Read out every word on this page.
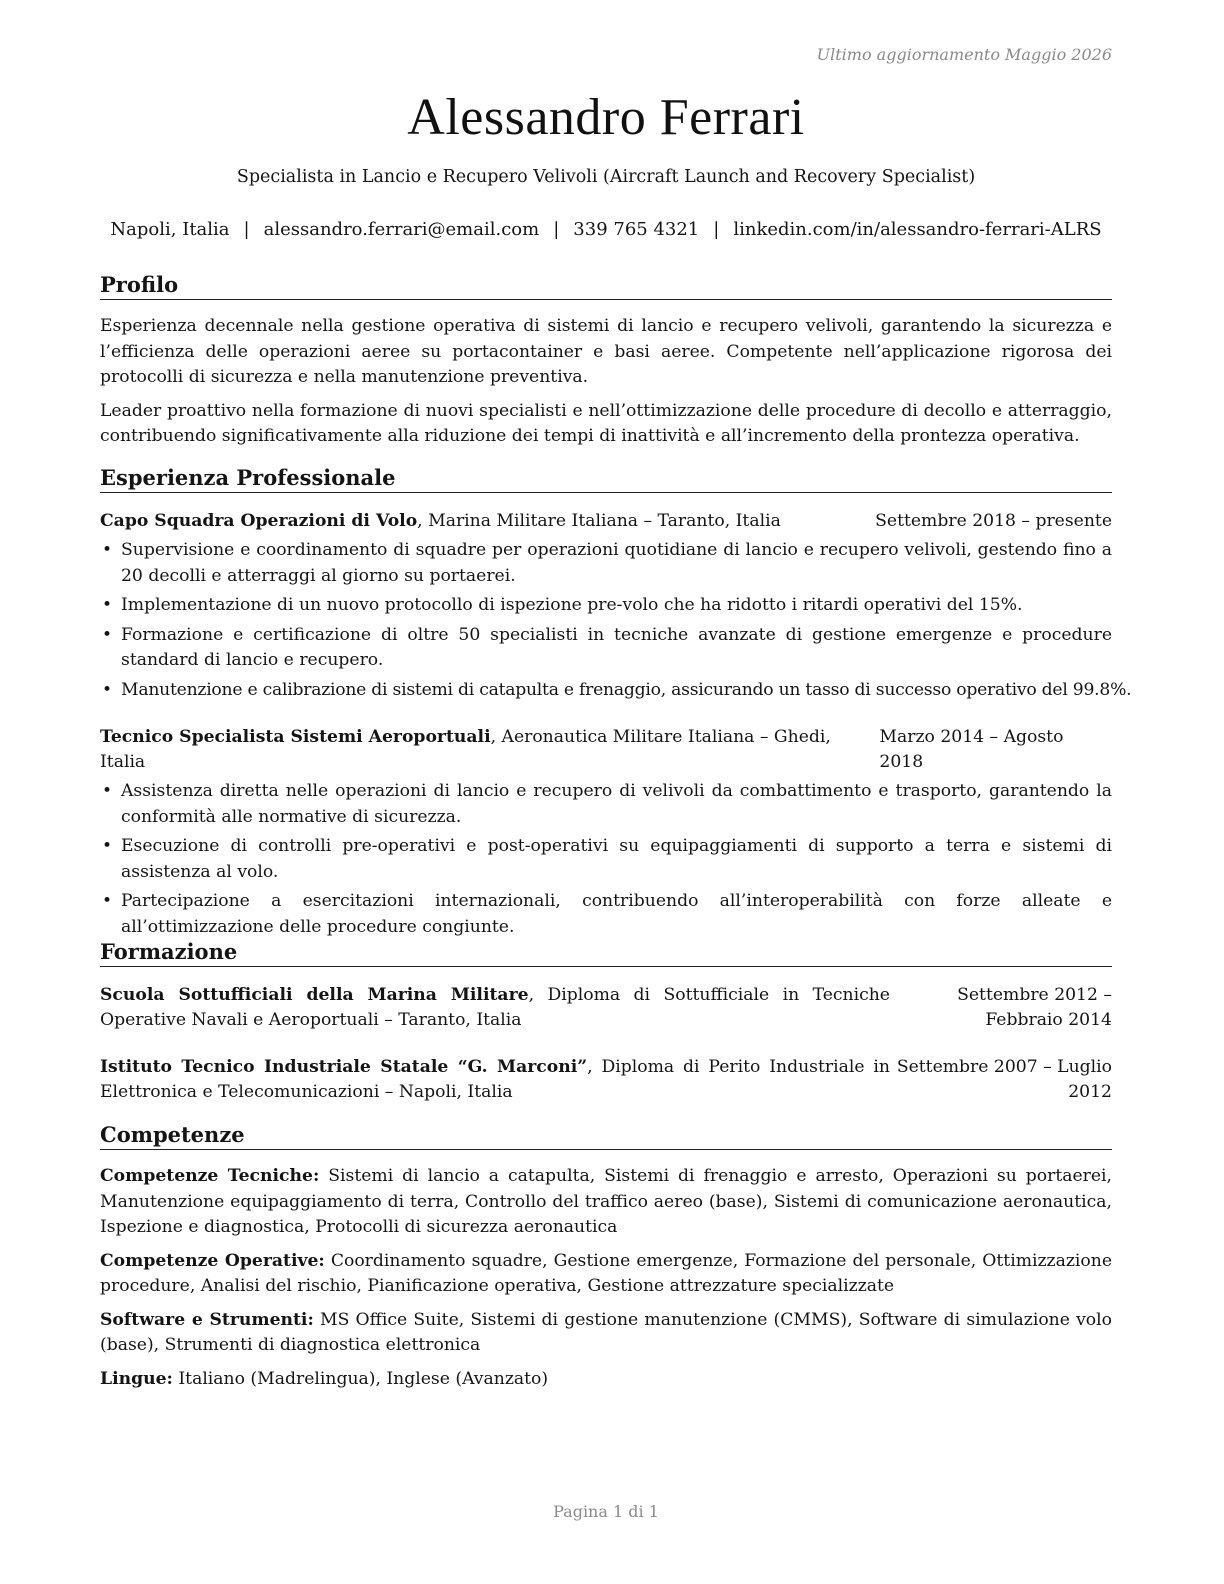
Ultimo aggiornamento Maggio 2026
Alessandro Ferrari
Specialista in Lancio e Recupero Velivoli (Aircraft Launch and Recovery Specialist)
Napoli, Italia | alessandro.ferrari@email.com | 339 765 4321 | linkedin.com/in/alessandro-ferrari-ALRS
Profilo

Esperienza decennale nella gestione operativa di sistemi di lancio e recupero velivoli, garantendo la sicurezza e l’efficienza delle operazioni aeree su portacontainer e basi aeree. Competente nell’applicazione rigorosa dei protocolli di sicurezza e nella manutenzione preventiva.

Leader proattivo nella formazione di nuovi specialisti e nell’ottimizzazione delle procedure di decollo e atterraggio, contribuendo significativamente alla riduzione dei tempi di inattività e all’incremento della prontezza operativa.

Esperienza Professionale
Capo Squadra Operazioni di Volo, Marina Militare Italiana – Taranto, Italia	Settembre 2018 – presente
• Supervisione e coordinamento di squadre per operazioni quotidiane di lancio e recupero velivoli, gestendo fino a 20 decolli e atterraggi al giorno su portaerei.
• Implementazione di un nuovo protocollo di ispezione pre-volo che ha ridotto i ritardi operativi del 15%.
• Formazione e certificazione di oltre 50 specialisti in tecniche avanzate di gestione emergenze e procedure standard di lancio e recupero.
• Manutenzione e calibrazione di sistemi di catapulta e frenaggio, assicurando un tasso di successo operativo del 99.8%.
Tecnico Specialista Sistemi Aeroportuali, Aeronautica Militare Italiana – Ghedi, Italia
Marzo 2014 – Agosto 2018
• Assistenza diretta nelle operazioni di lancio e recupero di velivoli da combattimento e trasporto, garantendo la conformità alle normative di sicurezza.
• Esecuzione di controlli pre-operativi e post-operativi su equipaggiamenti di supporto a terra e sistemi di assistenza al volo.
• Partecipazione a esercitazioni internazionali, contribuendo all’interoperabilità con forze alleate e all’ottimizzazione delle procedure congiunte.
Formazione
Scuola Sottufficiali della Marina Militare, Diploma di Sottufficiale in Tecniche Operative Navali e Aeroportuali – Taranto, Italia
Settembre 2012 – Febbraio 2014
Istituto Tecnico Industriale Statale “G. Marconi”, Diploma di Perito Industriale in Elettronica e Telecomunicazioni – Napoli, Italia
Settembre 2007 – Luglio 2012
Competenze

Competenze Tecniche: Sistemi di lancio a catapulta, Sistemi di frenaggio e arresto, Operazioni su portaerei, Manutenzione equipaggiamento di terra, Controllo del traffico aereo (base), Sistemi di comunicazione aeronautica, Ispezione e diagnostica, Protocolli di sicurezza aeronautica

Competenze Operative: Coordinamento squadre, Gestione emergenze, Formazione del personale, Ottimizzazione procedure, Analisi del rischio, Pianificazione operativa, Gestione attrezzature specializzate

Software e Strumenti: MS Office Suite, Sistemi di gestione manutenzione (CMMS), Software di simulazione volo (base), Strumenti di diagnostica elettronica

Lingue: Italiano (Madrelingua), Inglese (Avanzato)

Pagina 1 di 1
